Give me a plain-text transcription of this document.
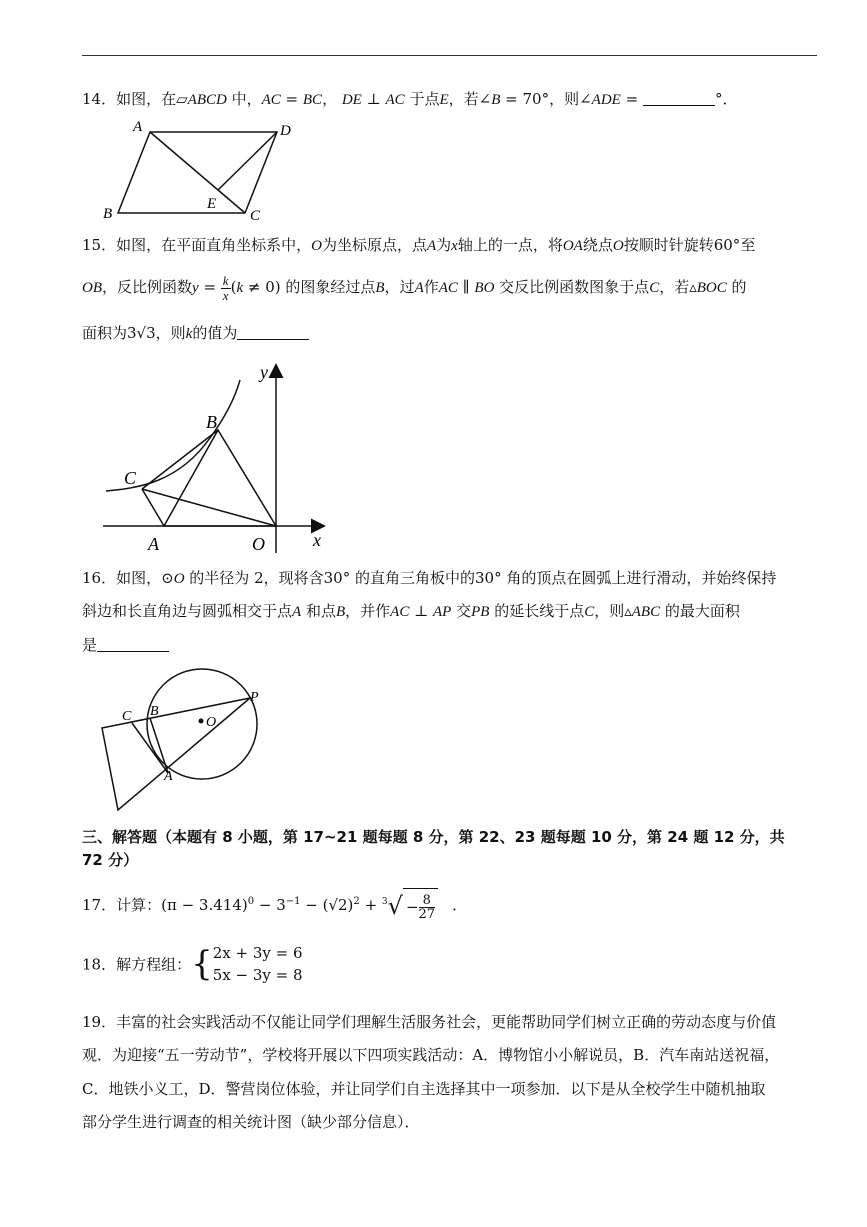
14．如图，在▱ABCD 中，AC = BC， DE ⊥ AC 于点E，若∠B = 70°，则∠ADE =	°．
A	D
B	C
E
15．如图，在平面直角坐标系中，O为坐标原点，点A为x轴上的一点，将OA绕点O按顺时针旋转60°至
OB，反比例函数$y = \frac{k}{x} (k \ne 0)$ 的图象经过点B，过A作AC ∥ BO 交反比例函数图象于点C，若▵BOC 的
面积为3√3，则k的值为
y
x
B
C
A	O
16．如图，⊙O 的半径为 2，现将含30° 的直角三角板中的30° 角的顶点在圆弧上进行滑动，并始终保持
斜边和长直角边与圆弧相交于点A 和点B，并作AC ⊥ AP 交PB 的延长线于点C，则▵ABC 的最大面积
是
C B
O
P
A
三、解答题（本题有 8 小题，第 17~21 题每题 8 分，第 22、23 题每题 10 分，第 24 题 12 分，共
72 分）
17．计算：$(\pi - 3.414)^0 - 3^{-1} - (√2)^2 + ^3√ - \frac{8}{27}$ ．
18．解方程组：{ 2x + 3y = 6
5x − 3y = 8
19．丰富的社会实践活动不仅能让同学们理解生活服务社会，更能帮助同学们树立正确的劳动态度与价值
观．为迎接“五一劳动节”，学校将开展以下四项实践活动：A．博物馆小小解说员，B．汽车南站送祝福，
C．地铁小义工，D．警营岗位体验，并让同学们自主选择其中一项参加．以下是从全校学生中随机抽取
部分学生进行调查的相关统计图（缺少部分信息）．
